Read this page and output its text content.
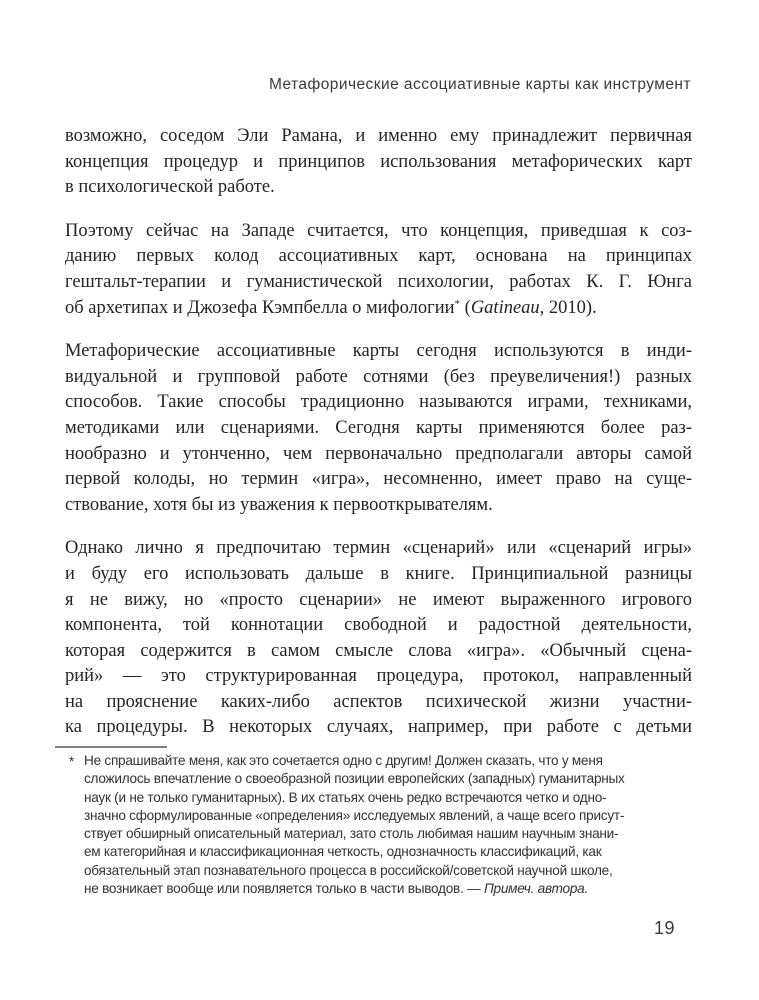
Метафорические ассоциативные карты как инструмент
возможно, соседом Эли Рамана, и именно ему принадлежит первичная
концепция процедур и принципов использования метафорических карт
в психологической работе.
Поэтому сейчас на Западе считается, что концепция, приведшая к соз-
данию первых колод ассоциативных карт, основана на принципах
гештальт-терапии и гуманистической психологии, работах К. Г. Юнга
об архетипах и Джозефа Кэмпбелла о мифологии* (Gatineau, 2010).
Метафорические ассоциативные карты сегодня используются в инди-
видуальной и групповой работе сотнями (без преувеличения!) разных
способов. Такие способы традиционно называются играми, техниками,
методиками или сценариями. Сегодня карты применяются более раз-
нообразно и утонченно, чем первоначально предполагали авторы самой
первой колоды, но термин «игра», несомненно, имеет право на суще-
ствование, хотя бы из уважения к первооткрывателям.
Однако лично я предпочитаю термин «сценарий» или «сценарий игры»
и буду его использовать дальше в книге. Принципиальной разницы
я не вижу, но «просто сценарии» не имеют выраженного игрового
компонента, той коннотации свободной и радостной деятельности,
которая содержится в самом смысле слова «игра». «Обычный сцена-
рий» — это структурированная процедура, протокол, направленный
на прояснение каких-либо аспектов психической жизни участни-
ка процедуры. В некоторых случаях, например, при работе с детьми
* Не спрашивайте меня, как это сочетается одно с другим! Должен сказать, что у меня
сложилось впечатление о своеобразной позиции европейских (западных) гуманитарных
наук (и не только гуманитарных). В их статьях очень редко встречаются четко и одно-
значно сформулированные «определения» исследуемых явлений, а чаще всего присут-
ствует обширный описательный материал, зато столь любимая нашим научным знани-
ем категорийная и классификационная четкость, однозначность классификаций, как
обязательный этап познавательного процесса в российской/советской научной школе,
не возникает вообще или появляется только в части выводов. — Примеч. автора.
19
